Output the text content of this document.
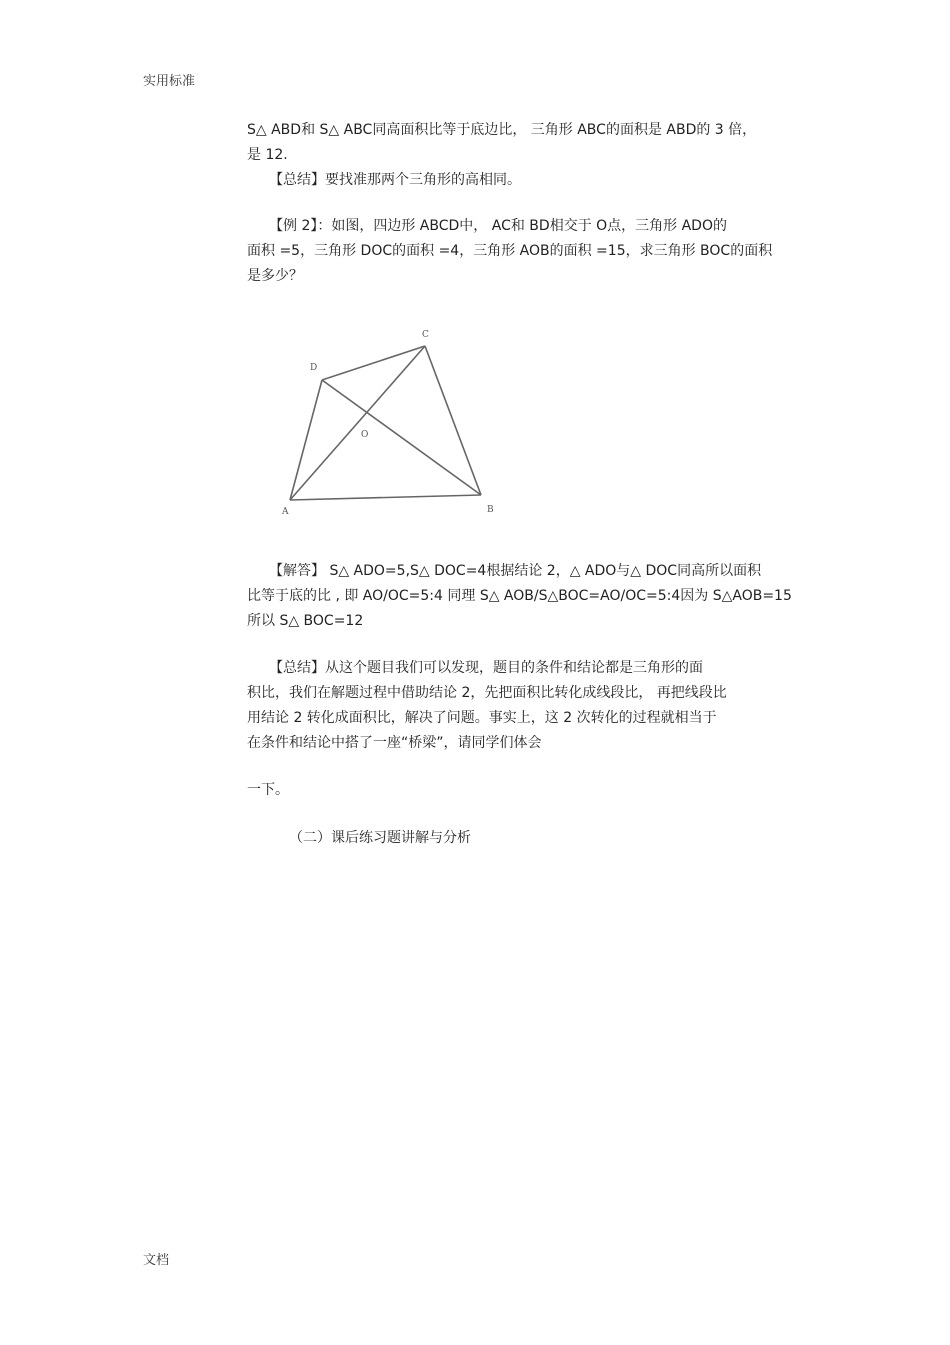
实用标准
S△ ABD和 S△ ABC同高面积比等于底边比， 三角形 ABC的面积是 ABD的 3 倍，
是 12.
【总结】要找准那两个三角形的高相同。
【例 2】：如图，四边形 ABCD中， AC和 BD相交于 O点，三角形 ADO的
面积 =5，三角形 DOC的面积 =4，三角形 AOB的面积 =15，求三角形 BOC的面积
是多少？
C
D
O
A	B
【解答】 S△ ADO=5,S△ DOC=4根据结论 2，△ ADO与△ DOC同高所以面积
比等于底的比 , 即 AO/OC=5:4 同理 S△ AOB/S△BOC=AO/OC=5:4因为 S△AOB=15
所以 S△ BOC=12
【总结】从这个题目我们可以发现，题目的条件和结论都是三角形的面
积比，我们在解题过程中借助结论 2，先把面积比转化成线段比， 再把线段比
用结论 2 转化成面积比，解决了问题。事实上，这 2 次转化的过程就相当于
在条件和结论中搭了一座“桥梁”，请同学们体会
一下。
（二）课后练习题讲解与分析
文档
